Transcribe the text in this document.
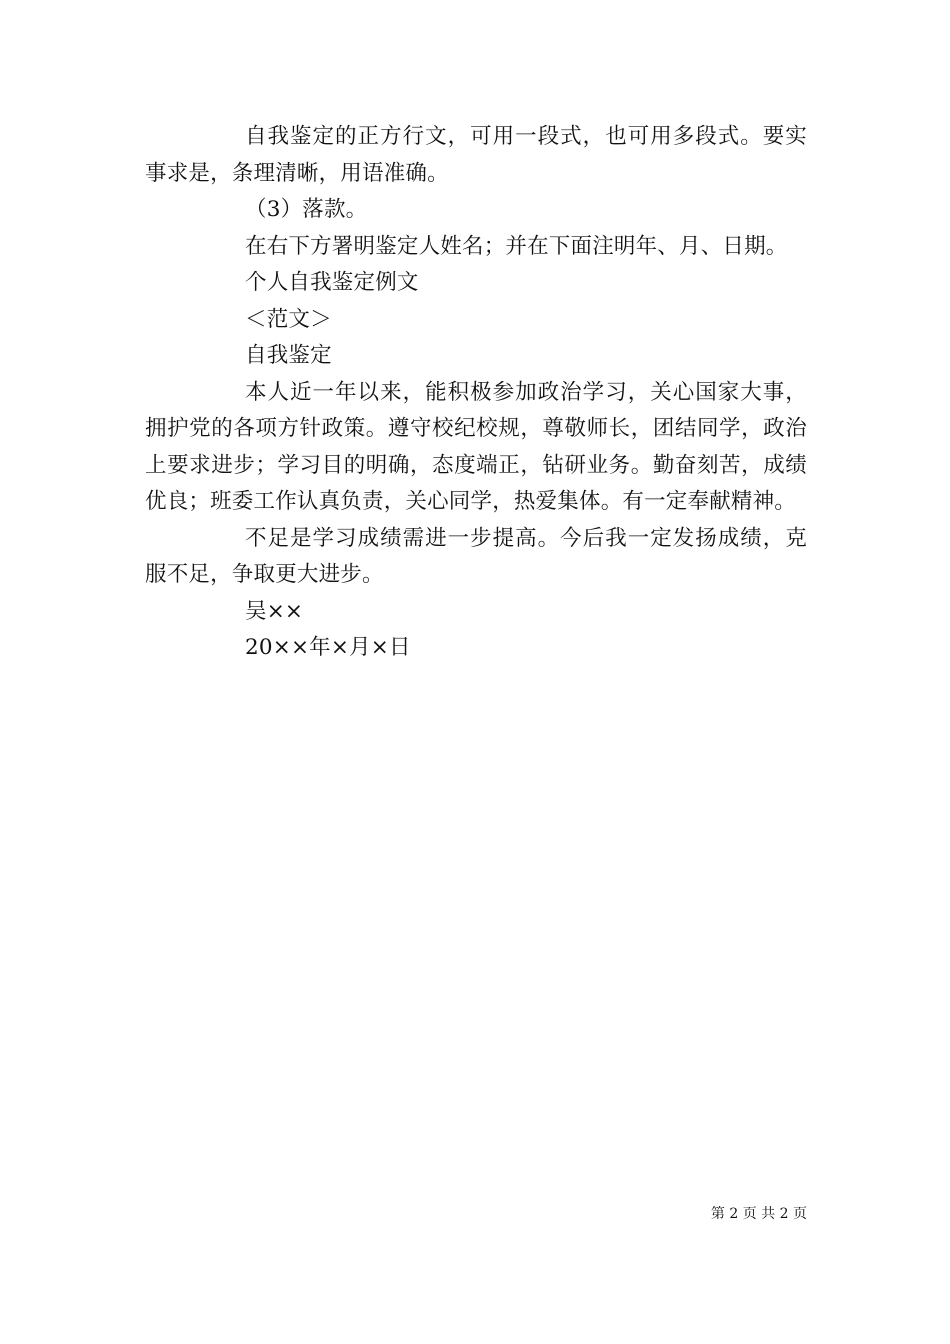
自我鉴定的正方行文，可用一段式，也可用多段式。要实事求是，条理清晰，用语准确。

（3）落款。
在右下方署明鉴定人姓名；并在下面注明年、月、日期。
个人自我鉴定例文
＜范文＞
自我鉴定

本人近一年以来，能积极参加政治学习，关心国家大事，拥护党的各项方针政策。遵守校纪校规，尊敬师长，团结同学，政治上要求进步；学习目的明确，态度端正，钻研业务。勤奋刻苦，成绩优良；班委工作认真负责，关心同学，热爱集体。有一定奉献精神。

不足是学习成绩需进一步提高。今后我一定发扬成绩，克服不足，争取更大进步。

吴××
20××年×月×日
第 2 页 共 2 页
